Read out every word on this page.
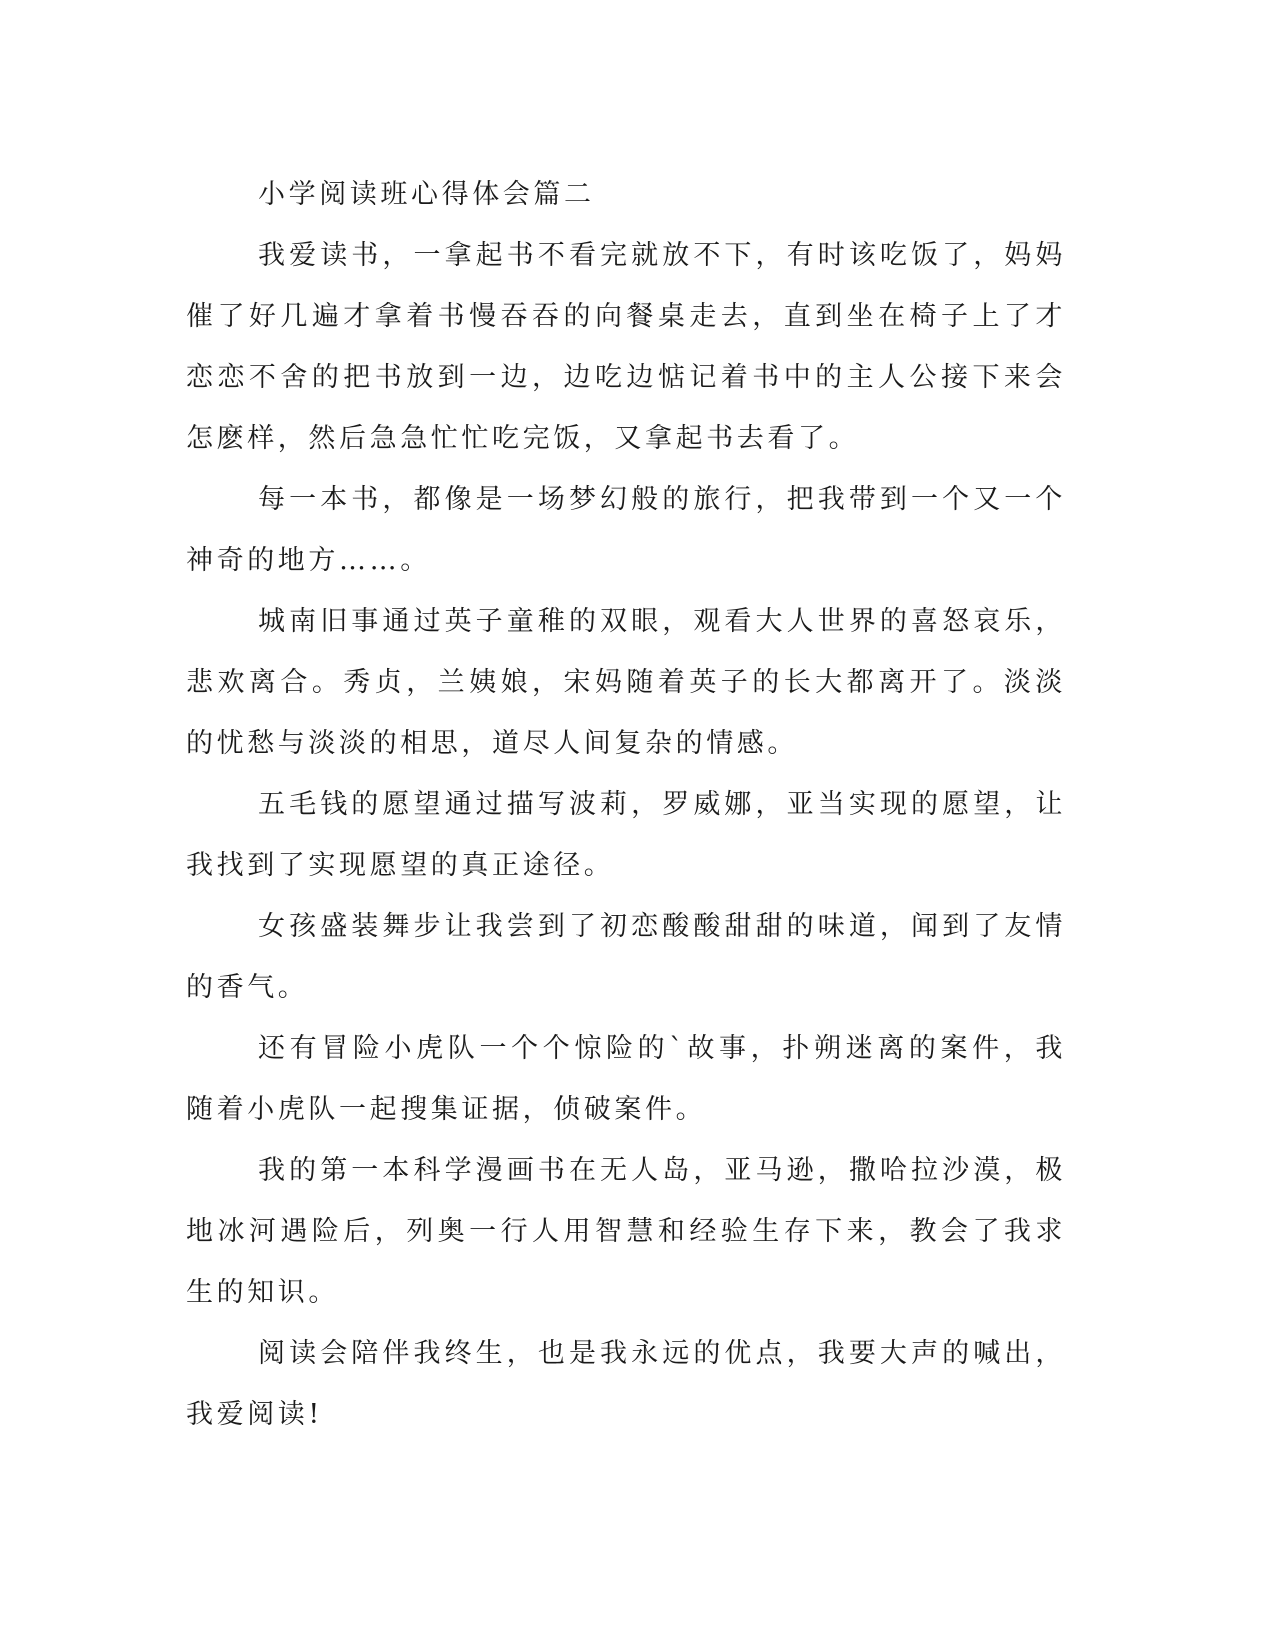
小学阅读班心得体会篇二

我爱读书，一拿起书不看完就放不下，有时该吃饭了，妈妈催了好几遍才拿着书慢吞吞的向餐桌走去，直到坐在椅子上了才恋恋不舍的把书放到一边，边吃边惦记着书中的主人公接下来会怎麽样，然后急急忙忙吃完饭，又拿起书去看了。

每一本书，都像是一场梦幻般的旅行，把我带到一个又一个神奇的地方……。

城南旧事通过英子童稚的双眼，观看大人世界的喜怒哀乐，悲欢离合。秀贞，兰姨娘，宋妈随着英子的长大都离开了。淡淡的忧愁与淡淡的相思，道尽人间复杂的情感。

五毛钱的愿望通过描写波莉，罗威娜，亚当实现的愿望，让我找到了实现愿望的真正途径。

女孩盛装舞步让我尝到了初恋酸酸甜甜的味道，闻到了友情的香气。

还有冒险小虎队一个个惊险的`故事，扑朔迷离的案件，我随着小虎队一起搜集证据，侦破案件。

我的第一本科学漫画书在无人岛，亚马逊，撒哈拉沙漠，极地冰河遇险后，列奥一行人用智慧和经验生存下来，教会了我求生的知识。

阅读会陪伴我终生，也是我永远的优点，我要大声的喊出，我爱阅读!
